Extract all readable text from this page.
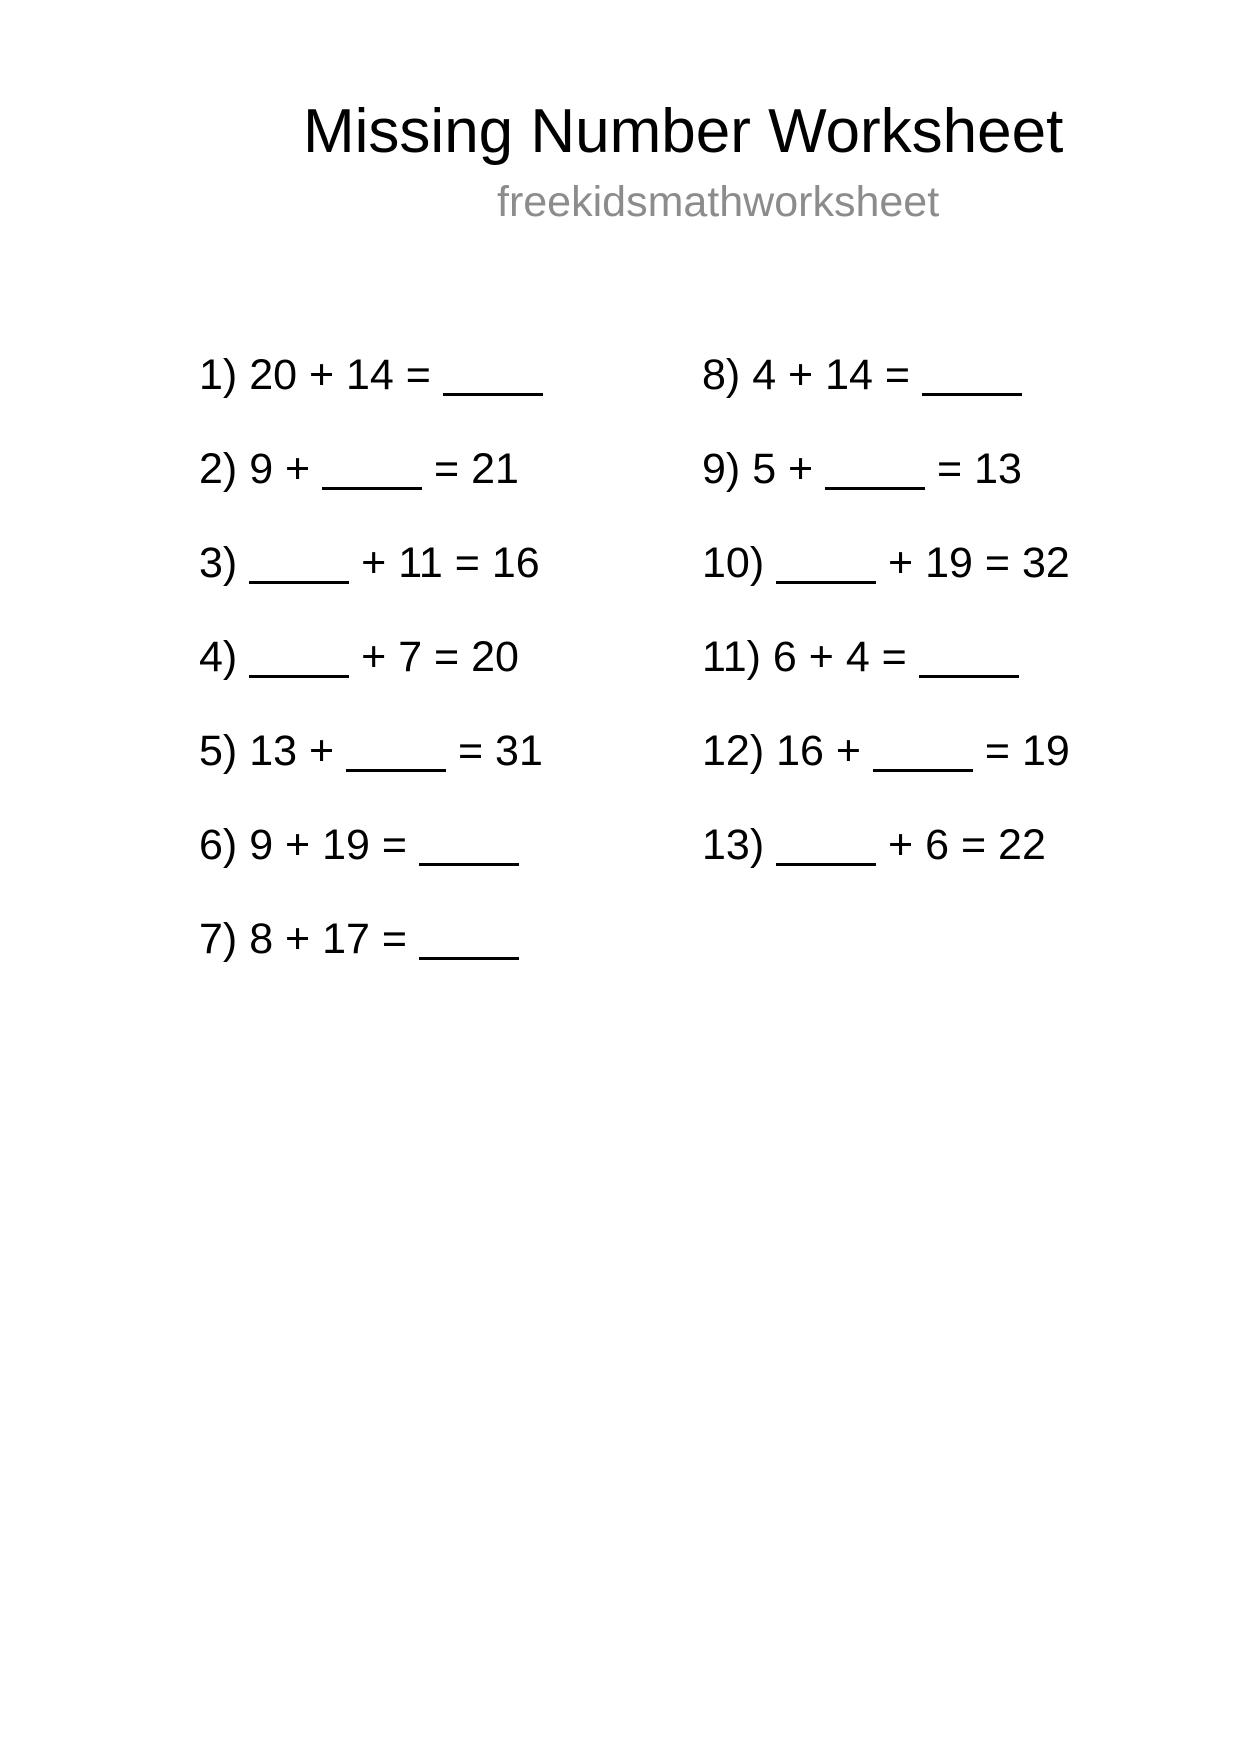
Missing Number Worksheet
freekidsmathworksheet
1) 20 + 14 =
2) 9 +  = 21
3)  + 11 = 16
4)  + 7 = 20
5) 13 +  = 31
6) 9 + 19 =
7) 8 + 17 =
8) 4 + 14 =
9) 5 +  = 13
10)  + 19 = 32
11) 6 + 4 =
12) 16 +  = 19
13)  + 6 = 22
